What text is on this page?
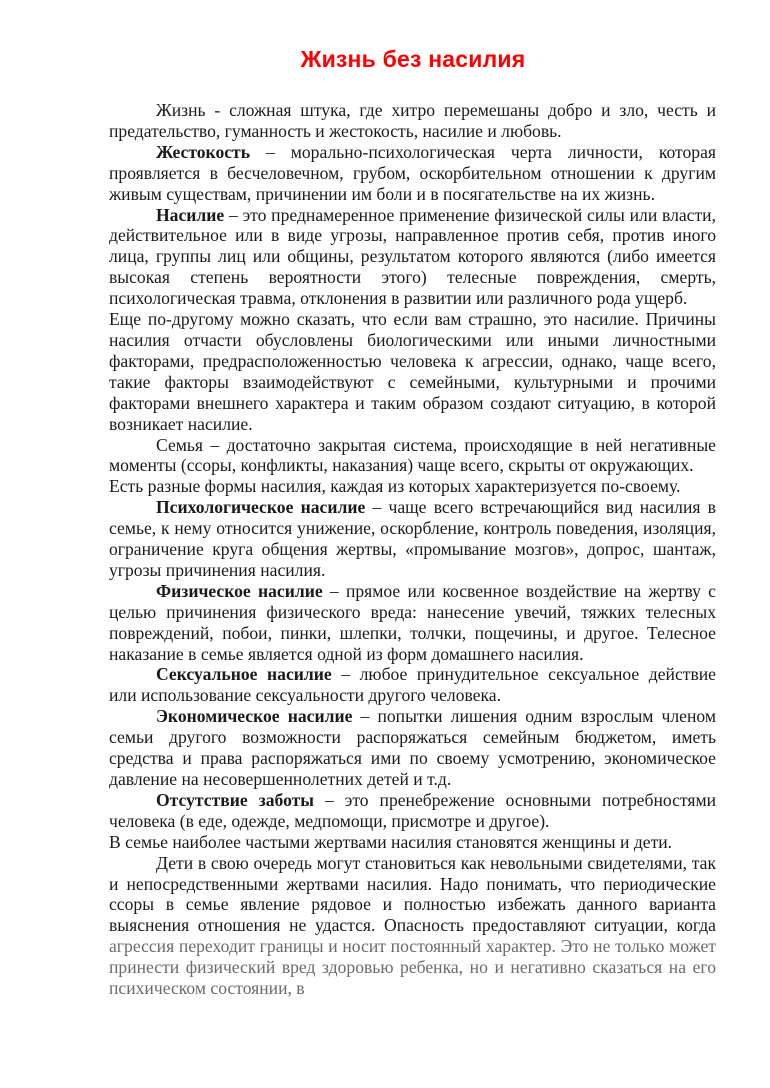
Жизнь без насилия

Жизнь - сложная штука, где хитро перемешаны добро и зло, честь и предательство, гуманность и жестокость, насилие и любовь.

Жестокость – морально-психологическая черта личности, которая проявляется в бесчеловечном, грубом, оскорбительном отношении к другим живым существам, причинении им боли и в посягательстве на их жизнь.

Насилие – это преднамеренное применение физической силы или власти, действительное или в виде угрозы, направленное против себя, против иного лица, группы лиц или общины, результатом которого являются (либо имеется высокая степень вероятности этого) телесные повреждения, смерть, психологическая травма, отклонения в развитии или различного рода ущерб.

Еще по-другому можно сказать, что если вам страшно, это насилие. Причины насилия отчасти обусловлены биологическими или иными личностными факторами, предрасположенностью человека к агрессии, однако, чаще всего, такие факторы взаимодействуют с семейными, культурными и прочими факторами внешнего характера и таким образом создают ситуацию, в которой возникает насилие.

Семья – достаточно закрытая система, происходящие в ней негативные моменты (ссоры, конфликты, наказания) чаще всего, скрыты от окружающих.

Есть разные формы насилия, каждая из которых характеризуется по-своему.

Психологическое насилие – чаще всего встречающийся вид насилия в семье, к нему относится унижение, оскорбление, контроль поведения, изоляция, ограничение круга общения жертвы, «промывание мозгов», допрос, шантаж, угрозы причинения насилия.

Физическое насилие – прямое или косвенное воздействие на жертву с целью причинения физического вреда: нанесение увечий, тяжких телесных повреждений, побои, пинки, шлепки, толчки, пощечины, и другое. Телесное наказание в семье является одной из форм домашнего насилия.

Сексуальное насилие – любое принудительное сексуальное действие или использование сексуальности другого человека.

Экономическое насилие – попытки лишения одним взрослым членом семьи другого возможности распоряжаться семейным бюджетом, иметь средства и права распоряжаться ими по своему усмотрению, экономическое давление на несовершеннолетних детей и т.д.

Отсутствие заботы – это пренебрежение основными потребностями человека (в еде, одежде, медпомощи, присмотре и другое).

В семье наиболее частыми жертвами насилия становятся женщины и дети.

Дети в свою очередь могут становиться как невольными свидетелями, так и непосредственными жертвами насилия. Надо понимать, что периодические ссоры в семье явление рядовое и полностью избежать данного варианта выяснения отношения не удастся. Опасность предоставляют ситуации, когда агрессия переходит границы и носит постоянный характер. Это не только может принести физический вред здоровью ребенка, но и негативно сказаться на его психическом состоянии, в
